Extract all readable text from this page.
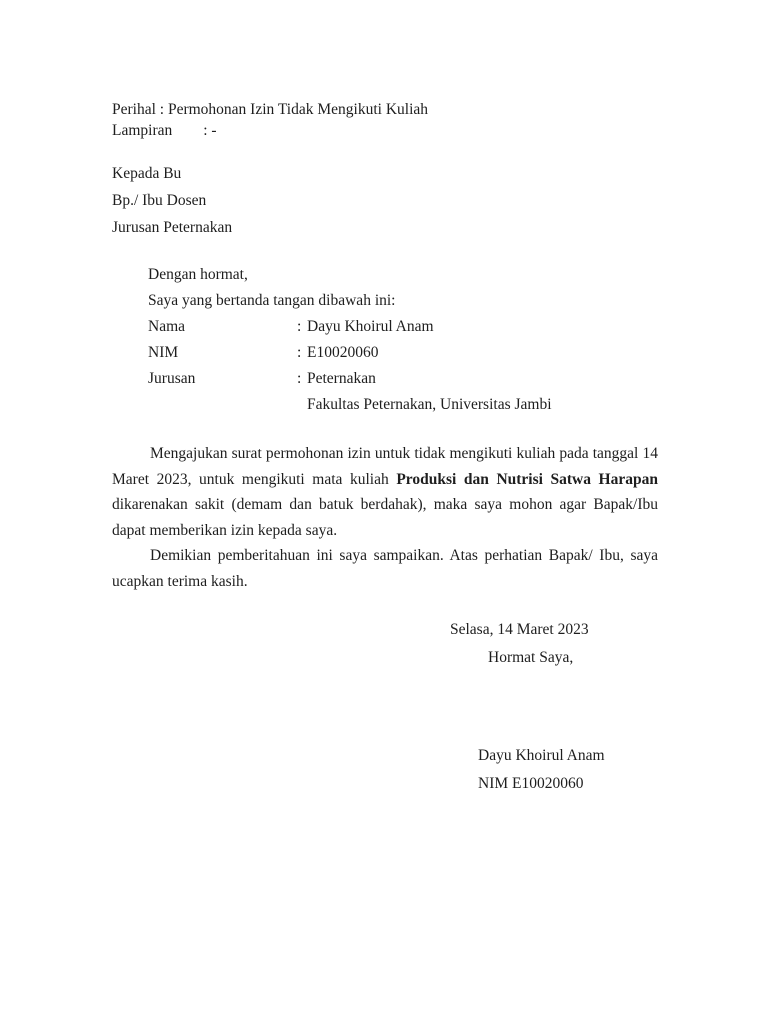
Perihal : Permohonan Izin Tidak Mengikuti Kuliah
Lampiran        : -
Kepada Bu
Bp./ Ibu Dosen
Jurusan Peternakan
Dengan hormat,
Saya yang bertanda tangan dibawah ini:
Nama	: Dayu Khoirul Anam
NIM	: E10020060
Jurusan	: Peternakan
Fakultas Peternakan, Universitas Jambi

Mengajukan surat permohonan izin untuk tidak mengikuti kuliah pada tanggal 14 Maret 2023, untuk mengikuti mata kuliah Produksi dan Nutrisi Satwa Harapan dikarenakan sakit (demam dan batuk berdahak), maka saya mohon agar Bapak/Ibu dapat memberikan izin kepada saya.

Demikian pemberitahuan ini saya sampaikan. Atas perhatian Bapak/ Ibu, saya ucapkan terima kasih.

Selasa, 14 Maret 2023
Hormat Saya,
Dayu Khoirul Anam
NIM E10020060
